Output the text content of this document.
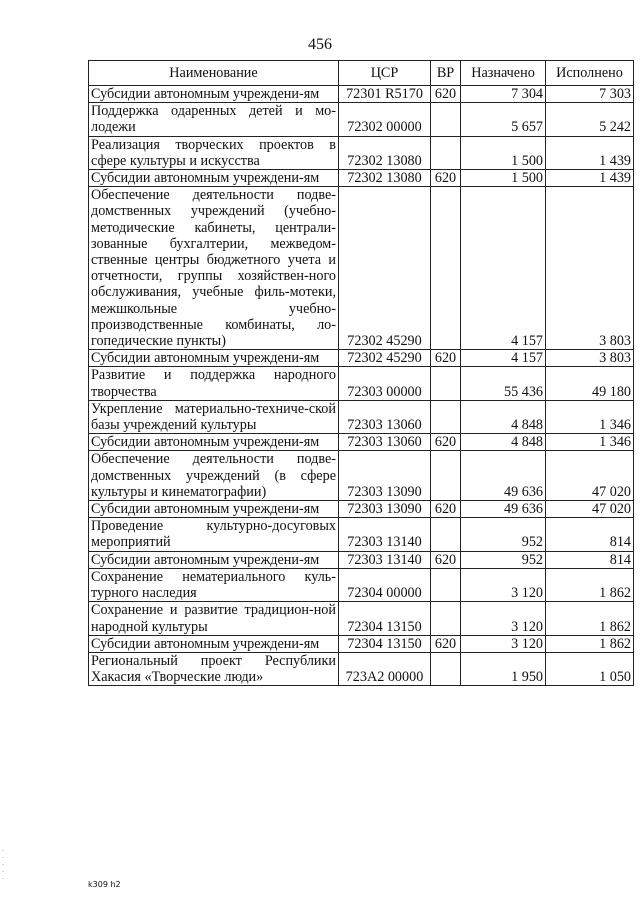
456
Наименование	ЦСР	ВР	Назначено	Исполнено
Субсидии автономным учреждени-ям	72301 R5170	620	7 304	7 303
Поддержка одаренных детей и мо-лодежи	72302 00000		5 657	5 242
Реализация творческих проектов в сфере культуры и искусства	72302 13080		1 500	1 439
Субсидии автономным учреждени-ям	72302 13080	620	1 500	1 439
Обеспечение деятельности подве-домственных учреждений (учебно-методические кабинеты, централи-зованные бухгалтерии, межведом-ственные центры бюджетного учета и отчетности, группы хозяйствен-ного обслуживания, учебные филь-мотеки, межшкольные учебно-производственные комбинаты, ло-гопедические пункты)	72302 45290		4 157	3 803
Субсидии автономным учреждени-ям	72302 45290	620	4 157	3 803
Развитие и поддержка народного творчества	72303 00000		55 436	49 180
Укрепление материально-техниче-ской базы учреждений культуры	72303 13060		4 848	1 346
Субсидии автономным учреждени-ям	72303 13060	620	4 848	1 346
Обеспечение деятельности подве-домственных учреждений (в сфере культуры и кинематографии)	72303 13090		49 636	47 020
Субсидии автономным учреждени-ям	72303 13090	620	49 636	47 020
Проведение культурно-досуговых мероприятий	72303 13140		952	814
Субсидии автономным учреждени-ям	72303 13140	620	952	814
Сохранение нематериального куль-турного наследия	72304 00000		3 120	1 862
Сохранение и развитие традицион-ной народной культуры	72304 13150		3 120	1 862
Субсидии автономным учреждени-ям	72304 13150	620	3 120	1 862
Региональный проект Республики Хакасия «Творческие люди»	723A2 00000		1 950	1 050
·
·
·
·
·
k309 h2
